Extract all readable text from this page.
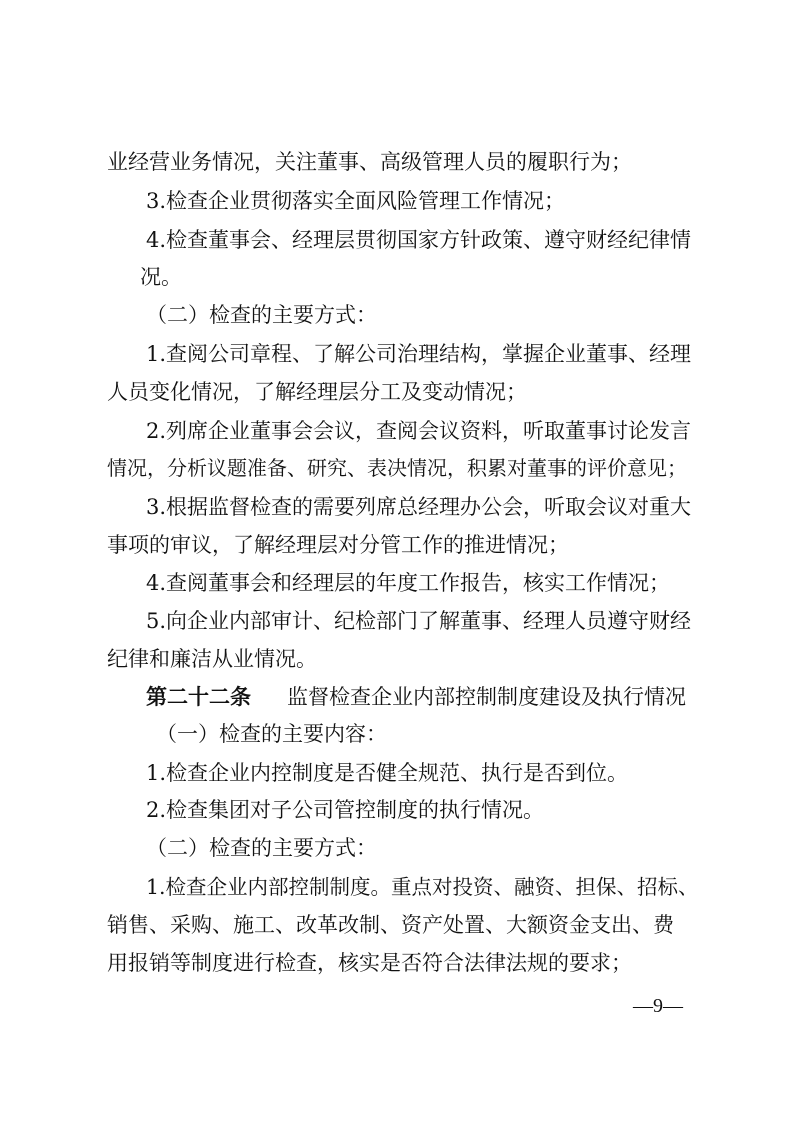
业经营业务情况，关注董事、高级管理人员的履职行为；
3.检查企业贯彻落实全面风险管理工作情况；
4.检查董事会、经理层贯彻国家方针政策、遵守财经纪律情
况。
（二）检查的主要方式：
1.查阅公司章程、了解公司治理结构，掌握企业董事、经理
人员变化情况，了解经理层分工及变动情况；
2.列席企业董事会会议，查阅会议资料，听取董事讨论发言
情况，分析议题准备、研究、表决情况，积累对董事的评价意见；
3.根据监督检查的需要列席总经理办公会，听取会议对重大
事项的审议，了解经理层对分管工作的推进情况；
4.查阅董事会和经理层的年度工作报告，核实工作情况；
5.向企业内部审计、纪检部门了解董事、经理人员遵守财经
纪律和廉洁从业情况。
第二十二条 监督检查企业内部控制制度建设及执行情况
（一）检查的主要内容：
1.检查企业内控制度是否健全规范、执行是否到位。
2.检查集团对子公司管控制度的执行情况。
（二）检查的主要方式：
1.检查企业内部控制制度。重点对投资、融资、担保、招标、
销售、采购、施工、改革改制、资产处置、大额资金支出、费
用报销等制度进行检查，核实是否符合法律法规的要求；
—9—
